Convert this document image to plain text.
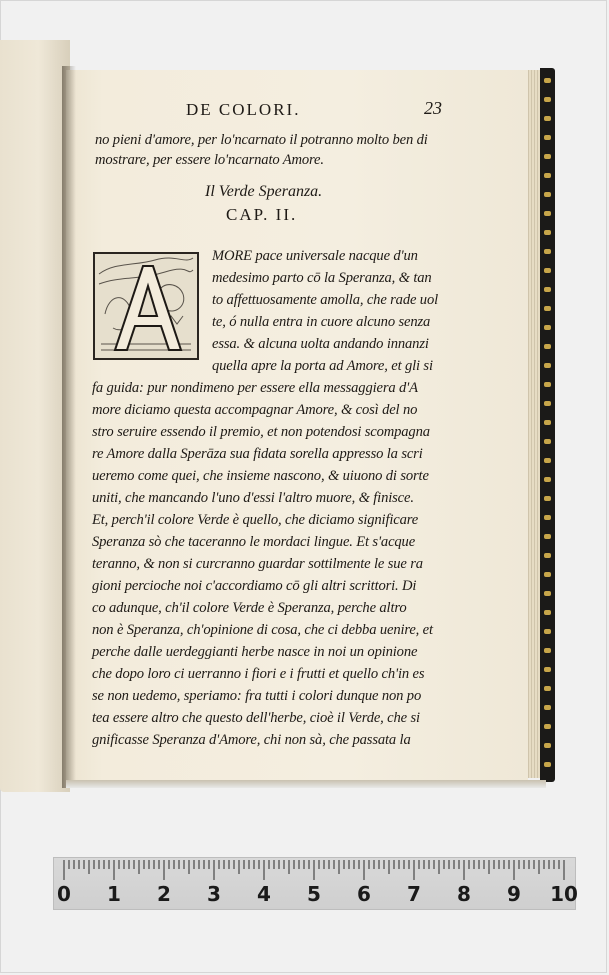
DE COLORI.	23
no pieni d'amore, per lo'ncarnato il potranno molto ben di
mostrare, per essere lo'ncarnato Amore.
Il Verde Speranza.
CAP. II.
MORE pace universale nacque d'un
medesimo parto cō la Speranza, & tan
to affettuosamente amolla, che rade uol
te, ó nulla entra in cuore alcuno senza
essa. & alcuna uolta andando innanzi
quella apre la porta ad Amore, et gli si
fa guida: pur nondimeno per essere ella messaggiera d'A
more diciamo questa accompagnar Amore, & così del no
stro seruire essendo il premio, et non potendosi scompagna
re Amore dalla Sperāza sua fidata sorella appresso la scri
ueremo come quei, che insieme nascono, & uiuono di sorte
uniti, che mancando l'uno d'essi l'altro muore, & finisce.
Et, perch'il colore Verde è quello, che diciamo significare
Speranza sò che taceranno le mordaci lingue. Et s'acque
teranno, & non si curcranno guardar sottilmente le sue ra
gioni percioche noi c'accordiamo cō gli altri scrittori. Di
co adunque, ch'il colore Verde è Speranza, perche altro
non è Speranza, ch'opinione di cosa, che ci debba uenire, et
perche dalle uerdeggianti herbe nasce in noi un opinione
che dopo loro ci uerranno i fiori e i frutti et quello ch'in es
se non uedemo, speriamo: fra tutti i colori dunque non po
tea essere altro che questo dell'herbe, cioè il Verde, che si
gnificasse Speranza d'Amore, chi non sà, che passata la
0 1 2 3 4 5 6 7 8 9 10
